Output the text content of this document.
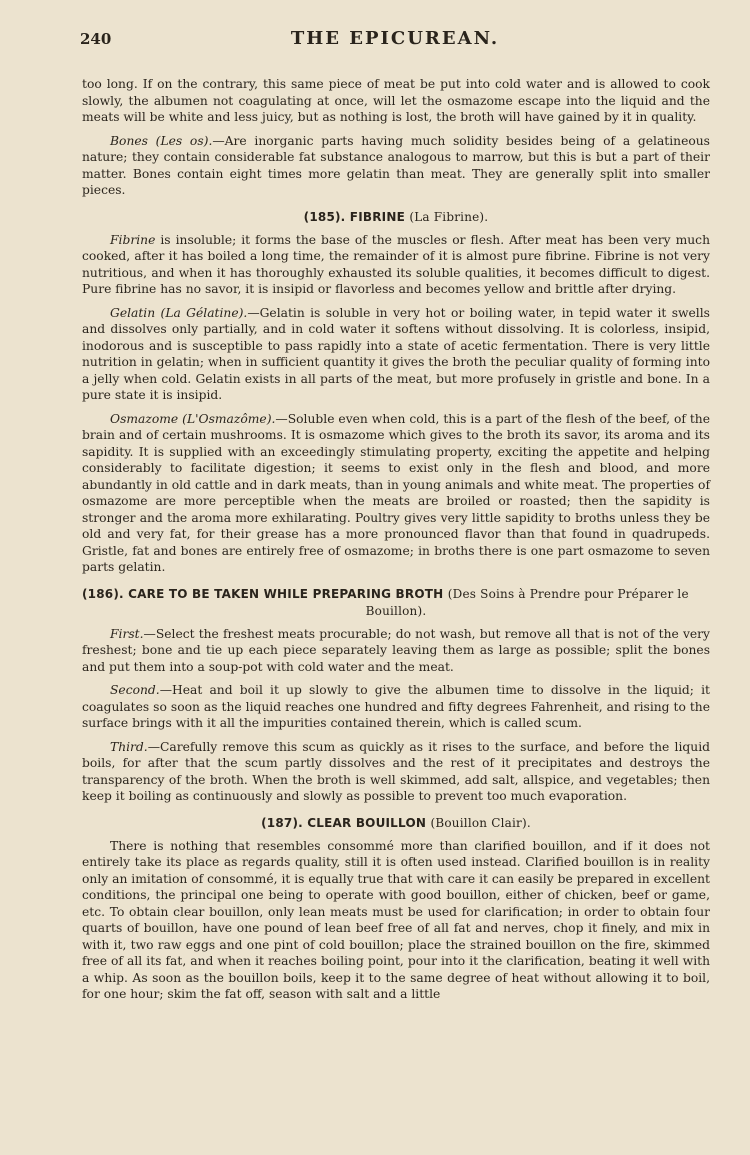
240	THE EPICUREAN.

too long. If on the contrary, this same piece of meat be put into cold water and is allowed to cook slowly, the albumen not coagulating at once, will let the osmazome escape into the liquid and the meats will be white and less juicy, but as nothing is lost, the broth will have gained by it in quality.

Bones (Les os).—Are inorganic parts having much solidity besides being of a gelatineous nature; they contain considerable fat substance analogous to marrow, but this is but a part of their matter. Bones contain eight times more gelatin than meat. They are generally split into smaller pieces.

(185). FIBRINE (La Fibrine).

Fibrine is insoluble; it forms the base of the muscles or flesh. After meat has been very much cooked, after it has boiled a long time, the remainder of it is almost pure fibrine. Fibrine is not very nutritious, and when it has thoroughly exhausted its soluble qualities, it becomes difficult to digest. Pure fibrine has no savor, it is insipid or flavorless and becomes yellow and brittle after drying.

Gelatin (La Gélatine).—Gelatin is soluble in very hot or boiling water, in tepid water it swells and dissolves only partially, and in cold water it softens without dissolving. It is colorless, insipid, inodorous and is susceptible to pass rapidly into a state of acetic fermentation. There is very little nutrition in gelatin; when in sufficient quantity it gives the broth the peculiar quality of forming into a jelly when cold. Gelatin exists in all parts of the meat, but more profusely in gristle and bone. In a pure state it is insipid.

Osmazome (L'Osmazôme).—Soluble even when cold, this is a part of the flesh of the beef, of the brain and of certain mushrooms. It is osmazome which gives to the broth its savor, its aroma and its sapidity. It is supplied with an exceedingly stimulating property, exciting the appetite and helping considerably to facilitate digestion; it seems to exist only in the flesh and blood, and more abundantly in old cattle and in dark meats, than in young animals and white meat. The properties of osmazome are more perceptible when the meats are broiled or roasted; then the sapidity is stronger and the aroma more exhilarating. Poultry gives very little sapidity to broths unless they be old and very fat, for their grease has a more pronounced flavor than that found in quadrupeds. Gristle, fat and bones are entirely free of osmazome; in broths there is one part osmazome to seven parts gelatin.

(186). CARE TO BE TAKEN WHILE PREPARING BROTH (Des Soins à Prendre pour Préparer le
Bouillon).

First.—Select the freshest meats procurable; do not wash, but remove all that is not of the very freshest; bone and tie up each piece separately leaving them as large as possible; split the bones and put them into a soup-pot with cold water and the meat.

Second.—Heat and boil it up slowly to give the albumen time to dissolve in the liquid; it coagulates so soon as the liquid reaches one hundred and fifty degrees Fahrenheit, and rising to the surface brings with it all the impurities contained therein, which is called scum.

Third.—Carefully remove this scum as quickly as it rises to the surface, and before the liquid boils, for after that the scum partly dissolves and the rest of it precipitates and destroys the transparency of the broth. When the broth is well skimmed, add salt, allspice, and vegetables; then keep it boiling as continuously and slowly as possible to prevent too much evaporation.

(187). CLEAR BOUILLON (Bouillon Clair).

There is nothing that resembles consommé more than clarified bouillon, and if it does not entirely take its place as regards quality, still it is often used instead. Clarified bouillon is in reality only an imitation of consommé, it is equally true that with care it can easily be prepared in excellent conditions, the principal one being to operate with good bouillon, either of chicken, beef or game, etc. To obtain clear bouillon, only lean meats must be used for clarification; in order to obtain four quarts of bouillon, have one pound of lean beef free of all fat and nerves, chop it finely, and mix in with it, two raw eggs and one pint of cold bouillon; place the strained bouillon on the fire, skimmed free of all its fat, and when it reaches boiling point, pour into it the clarification, beating it well with a whip. As soon as the bouillon boils, keep it to the same degree of heat without allowing it to boil, for one hour; skim the fat off, season with salt and a little
